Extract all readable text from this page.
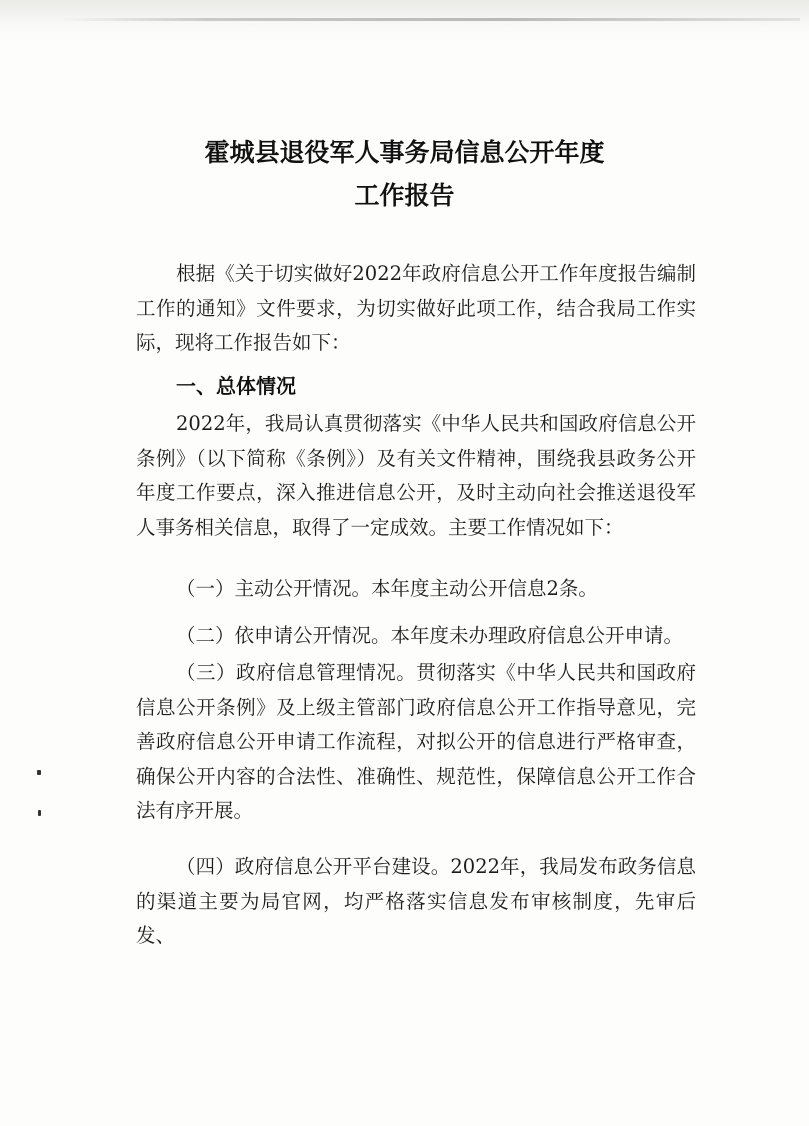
霍城县退役军人事务局信息公开年度
工作报告

根据《关于切实做好2022年政府信息公开工作年度报告编制工作的通知》文件要求，为切实做好此项工作，结合我局工作实际，现将工作报告如下：

一、总体情况

2022年，我局认真贯彻落实《中华人民共和国政府信息公开条例》（以下简称《条例》）及有关文件精神，围绕我县政务公开年度工作要点，深入推进信息公开，及时主动向社会推送退役军人事务相关信息，取得了一定成效。主要工作情况如下：

（一）主动公开情况。本年度主动公开信息2条。

（二）依申请公开情况。本年度未办理政府信息公开申请。

（三）政府信息管理情况。贯彻落实《中华人民共和国政府信息公开条例》及上级主管部门政府信息公开工作指导意见，完善政府信息公开申请工作流程，对拟公开的信息进行严格审查，确保公开内容的合法性、准确性、规范性，保障信息公开工作合法有序开展。

（四）政府信息公开平台建设。2022年，我局发布政务信息的渠道主要为局官网，均严格落实信息发布审核制度，先审后发、
